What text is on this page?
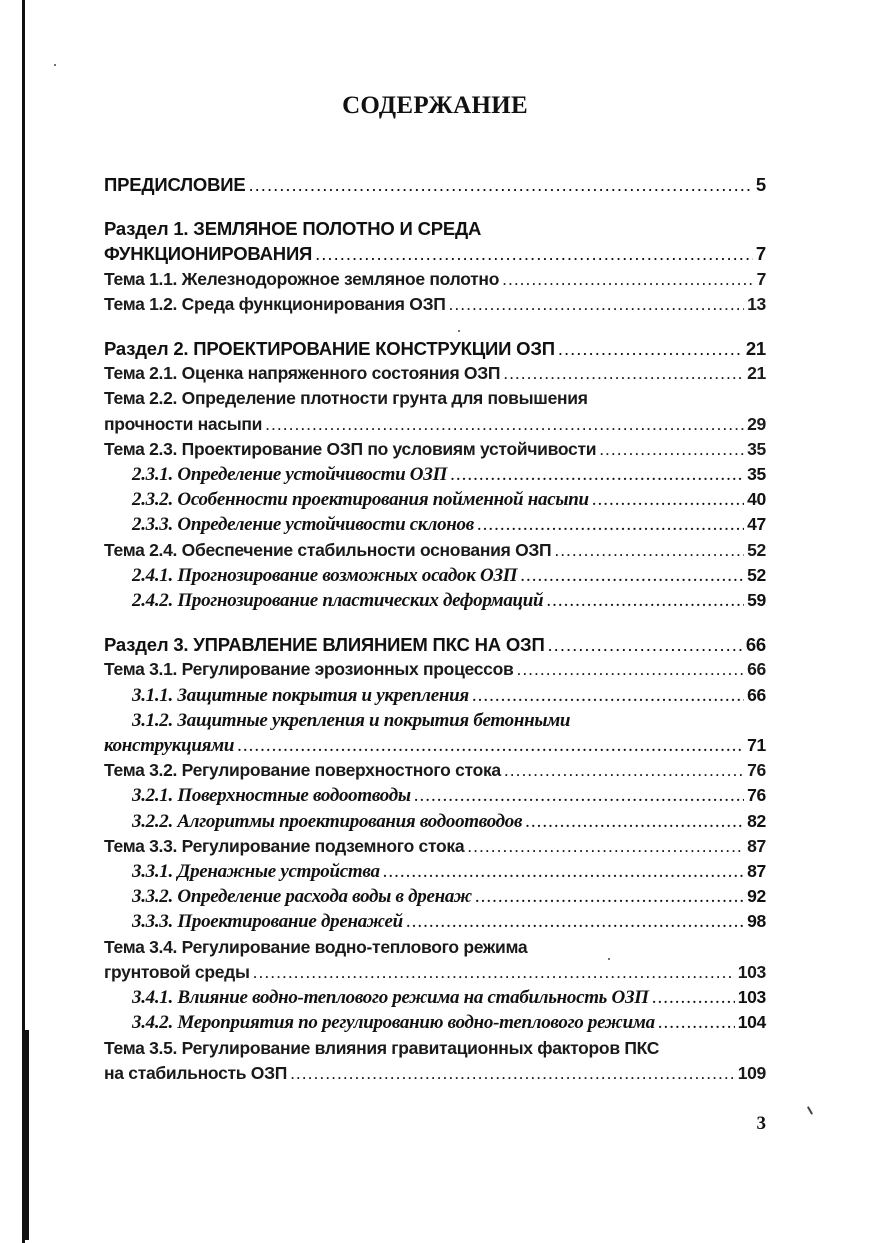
СОДЕРЖАНИЕ
ПРЕДИСЛОВИЕ .....	5
Раздел 1. ЗЕМЛЯНОЕ ПОЛОТНО И СРЕДА
ФУНКЦИОНИРОВАНИЯ .....	7
Тема 1.1. Железнодорожное земляное полотно .....	7
Тема 1.2. Среда функционирования ОЗП .....	13
Раздел 2. ПРОЕКТИРОВАНИЕ КОНСТРУКЦИИ ОЗП .....	21
Тема 2.1. Оценка напряженного состояния ОЗП .....	21
Тема 2.2. Определение плотности грунта для повышения
прочности насыпи .....	29
Тема 2.3. Проектирование ОЗП по условиям устойчивости .....	35
2.3.1. Определение устойчивости ОЗП .....	35
2.3.2. Особенности проектирования пойменной насыпи .....	40
2.3.3. Определение устойчивости склонов .....	47
Тема 2.4. Обеспечение стабильности основания ОЗП .....	52
2.4.1. Прогнозирование возможных осадок ОЗП .....	52
2.4.2. Прогнозирование пластических деформаций .....	59
Раздел 3. УПРАВЛЕНИЕ ВЛИЯНИЕМ ПКС НА ОЗП .....	66
Тема 3.1. Регулирование эрозионных процессов .....	66
3.1.1. Защитные покрытия и укрепления .....	66
3.1.2. Защитные укрепления и покрытия бетонными
конструкциями .....	71
Тема 3.2. Регулирование поверхностного стока .....	76
3.2.1. Поверхностные водоотводы .....	76
3.2.2. Алгоритмы проектирования водоотводов .....	82
Тема 3.3. Регулирование подземного стока .....	87
3.3.1. Дренажные устройства .....	87
3.3.2. Определение расхода воды в дренаж .....	92
3.3.3. Проектирование дренажей .....	98
Тема 3.4. Регулирование водно-теплового режима
грунтовой среды .....	103
3.4.1. Влияние водно-теплового режима на стабильность ОЗП .....	103
3.4.2. Мероприятия по регулированию водно-теплового режима .....	104
Тема 3.5. Регулирование влияния гравитационных факторов ПКС
на стабильность ОЗП .....	109
3
